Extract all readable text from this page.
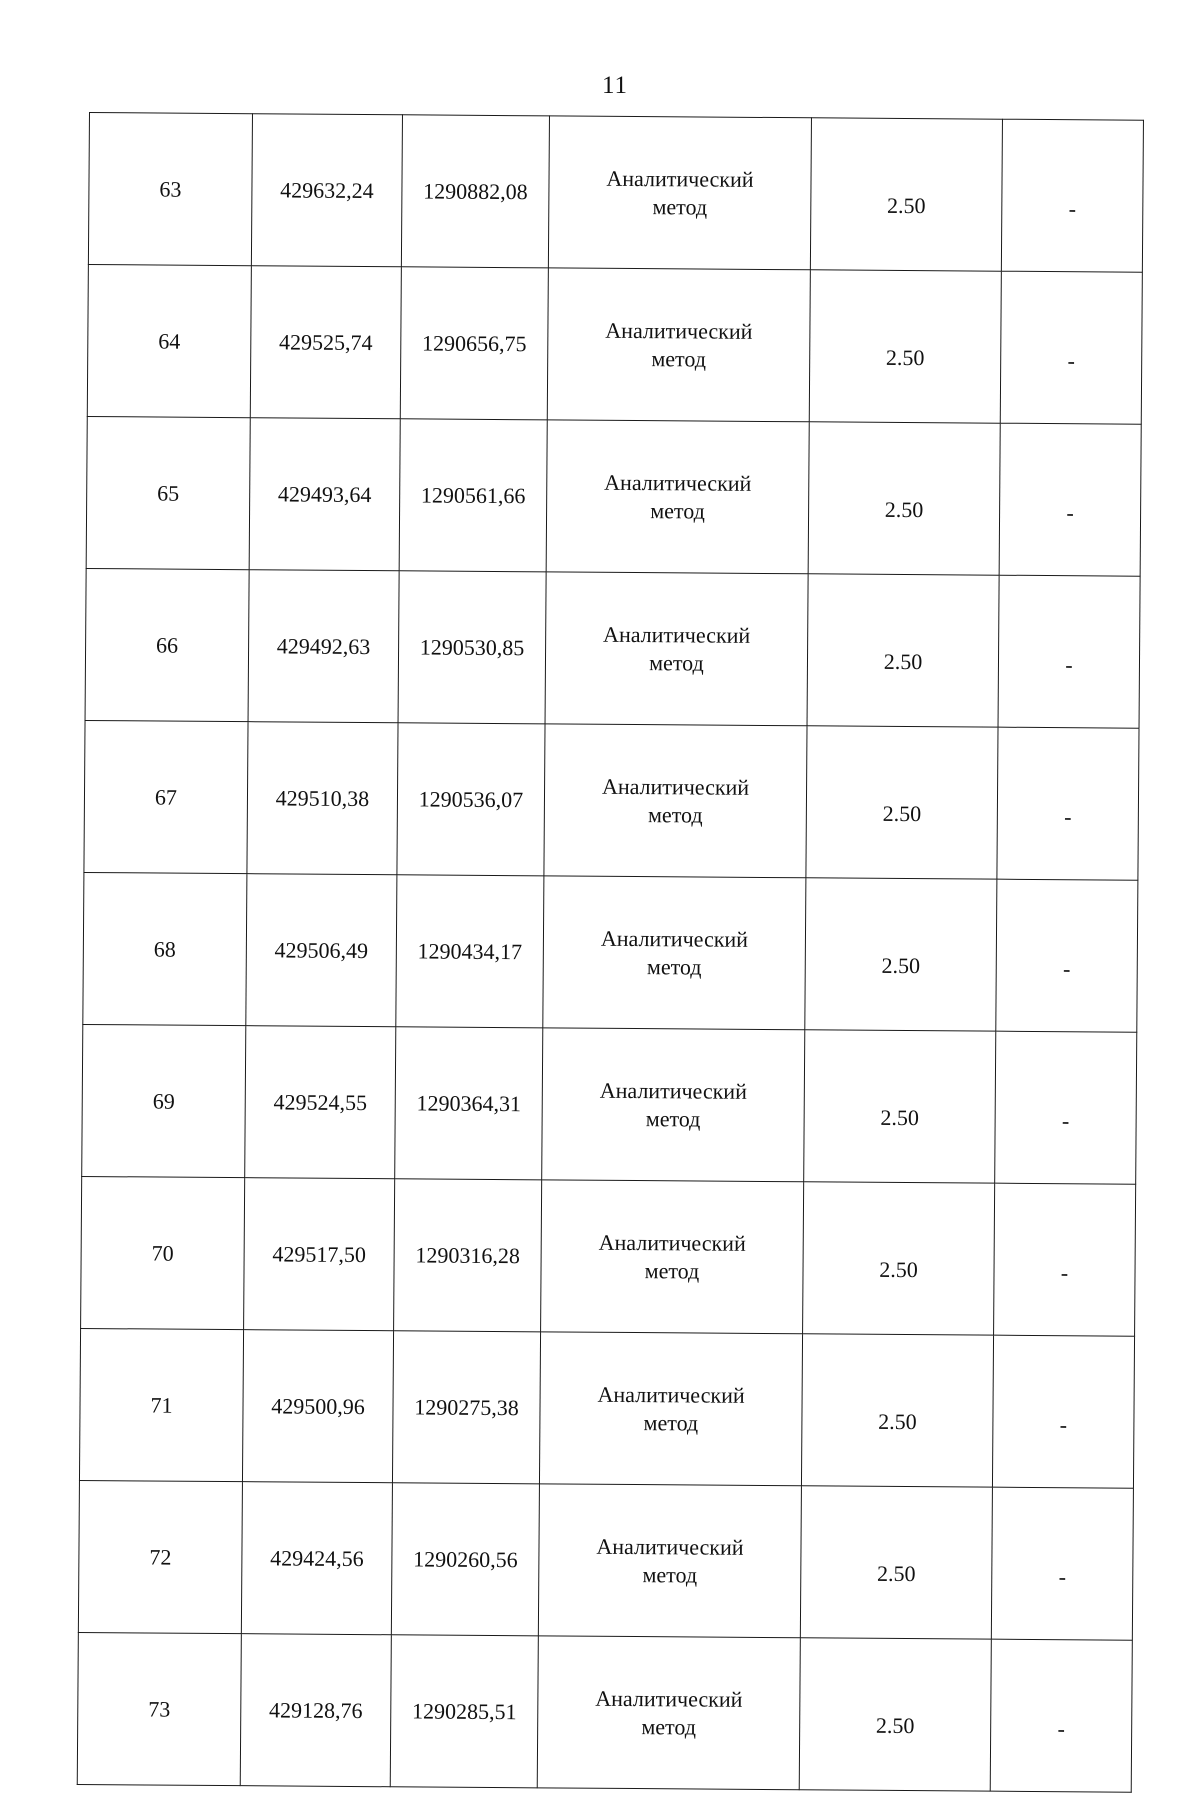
11
63	429632,24	1290882,08	Аналитический
метод	2.50	-
64	429525,74	1290656,75	Аналитический
метод	2.50	-
65	429493,64	1290561,66	Аналитический
метод	2.50	-
66	429492,63	1290530,85	Аналитический
метод	2.50	-
67	429510,38	1290536,07	Аналитический
метод	2.50	-
68	429506,49	1290434,17	Аналитический
метод	2.50	-
69	429524,55	1290364,31	Аналитический
метод	2.50	-
70	429517,50	1290316,28	Аналитический
метод	2.50	-
71	429500,96	1290275,38	Аналитический
метод	2.50	-
72	429424,56	1290260,56	Аналитический
метод	2.50	-
73	429128,76	1290285,51	Аналитический
метод	2.50	-
